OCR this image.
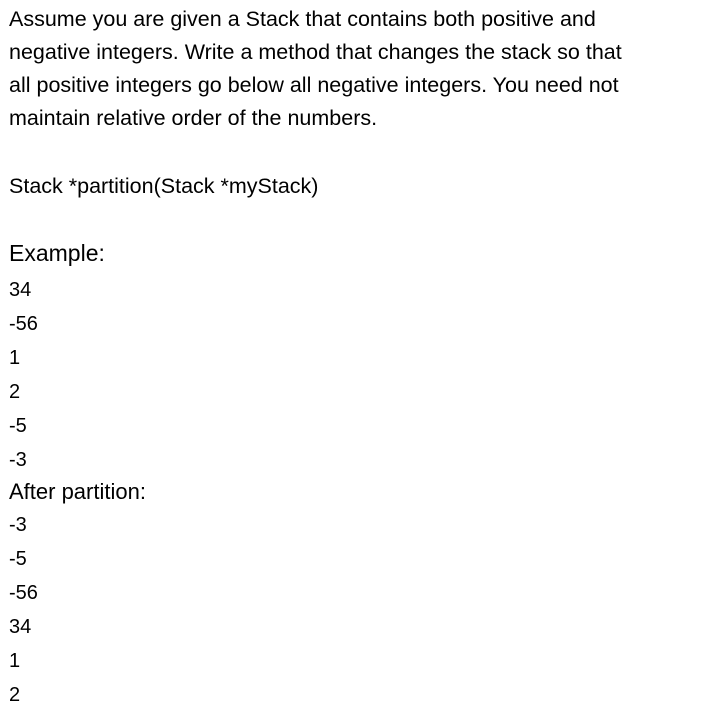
Assume you are given a Stack that contains both positive and
negative integers. Write a method that changes the stack so that
all positive integers go below all negative integers. You need not
maintain relative order of the numbers.

Stack *partition(Stack *myStack)

Example:
34
-56
1
2
-5
-3
After partition:
-3
-5
-56
34
1
2
